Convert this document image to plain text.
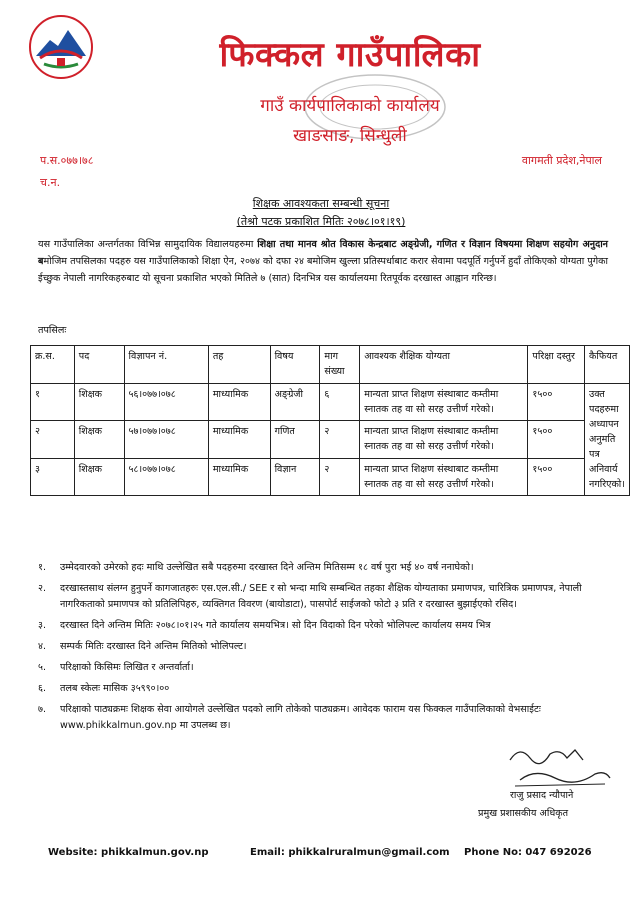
फिक्कल गाउँपालिका
गाउँ कार्यपालिकाको कार्यालय
खाङसाङ, सिन्धुली
प.स.०७७।७८
च.न.
वागमती प्रदेश,नेपाल
शिक्षक आवश्यकता सम्बन्धी सूचना
(तेश्रो पटक प्रकाशित मितिः २०७८।०१।१९)
यस गाउँपालिका अन्तर्गतका विभिन्न सामुदायिक विद्यालयहरुमा शिक्षा तथा मानव श्रोत विकास केन्द्रबाट अङ्ग्रेजी, गणित र विज्ञान विषयमा शिक्षण सहयोग अनुदान बमोजिम तपसिलका पदहरु यस गाउँपालिकाको शिक्षा ऐन, २०७४ को दफा २४ बमोजिम खुल्ला प्रतिस्पर्धाबाट करार सेवामा पदपूर्ति गर्नुपर्ने हुदाँ तोकिएको योग्यता पुगेका ईच्छुक नेपाली नागरिकहरुबाट यो सूचना प्रकाशित भएको मितिले ७ (सात) दिनभित्र यस कार्यालयमा रितपूर्वक दरखास्त आह्वान गरिन्छ।
तपसिलः
क्र.स.	पद	विज्ञापन नं.	तह	विषय	माग संख्या	आवश्यक शैक्षिक योग्यता	परिक्षा दस्तुर	कैफियत
१	शिक्षक	५६।०७७।०७८	माध्यामिक	अङ्ग्रेजी	६	मान्यता प्राप्त शिक्षण संस्थाबाट कम्तीमा स्नातक तह वा सो सरह उत्तीर्ण गरेको।	१५००	उक्त पदहरुमा अध्यापन अनुमति पत्र अनिवार्य नगरिएको।
२	शिक्षक	५७।०७७।०७८	माध्यामिक	गणित	२	मान्यता प्राप्त शिक्षण संस्थाबाट कम्तीमा स्नातक तह वा सो सरह उत्तीर्ण गरेको।	१५००	
३	शिक्षक	५८।०७७।०७८	माध्यामिक	विज्ञान	२	मान्यता प्राप्त शिक्षण संस्थाबाट कम्तीमा स्नातक तह वा सो सरह उत्तीर्ण गरेको।	१५००	
१.	उम्मेदवारको उमेरको हदः माथि उल्लेखित सबै पदहरुमा दरखास्त दिने अन्तिम मितिसम्म १८ वर्ष पुरा भई ४० वर्ष ननाघेको।
२.	दरखास्तसाथ संलग्न हुनुपर्ने कागजातहरुः एस.एल.सी./ SEE र सो भन्दा माथि सम्बन्धित तहका शैक्षिक योग्यताका प्रमाणपत्र, चारित्रिक प्रमाणपत्र, नेपाली नागरिकताको प्रमाणपत्र को प्रतिलिपिहरु, व्यक्तिगत विवरण (बायोडाटा), पासपोर्ट साईजको फोटो ३ प्रति र दरखास्त बुझाईएको रसिद।
३.	दरखास्त दिने अन्तिम मितिः २०७८।०१।२५ गते कार्यालय समयभित्र। सो दिन विदाको दिन परेको भोलिपल्ट कार्यालय समय भित्र
४.	सम्पर्क मितिः दरखास्त दिने अन्तिम मितिको भोलिपल्ट।
५.	परिक्षाको किसिमः लिखित र अन्तर्वार्ता।
६.	तलब स्केलः मासिक ३५९९०।००
७.	परिक्षाको पाठ्यक्रमः शिक्षक सेवा आयोगले उल्लेखित पदको लागि तोकेको पाठ्यक्रम। आवेदक फाराम यस फिक्कल गाउँपालिकाको वेभसाईटः www.phikkalmun.gov.np मा उपलब्ध छ।
राजु प्रसाद न्यौपाने
प्रमुख प्रशासकीय अधिकृत
Website: phikkalmun.gov.np	Email: phikkalruralmun@gmail.com Phone No: 047 692026
